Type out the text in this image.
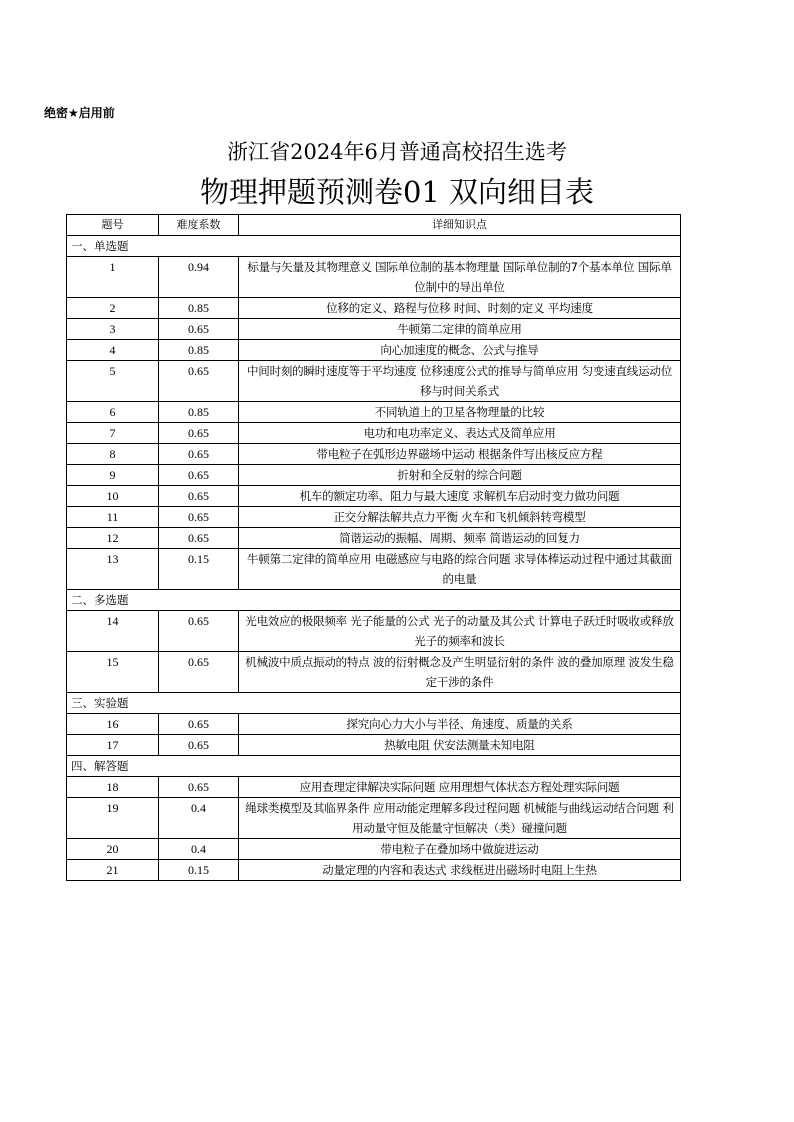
绝密★启用前
浙江省2024年6月普通高校招生选考
物理押题预测卷01 双向细目表
题号	难度系数	详细知识点
一、单选题		
1	0.94	标量与矢量及其物理意义 国际单位制的基本物理量 国际单位制的7个基本单位 国际单位制中的导出单位
2	0.85	位移的定义、路程与位移 时间、时刻的定义 平均速度
3	0.65	牛顿第二定律的简单应用
4	0.85	向心加速度的概念、公式与推导
5	0.65	中间时刻的瞬时速度等于平均速度 位移速度公式的推导与简单应用 匀变速直线运动位移与时间关系式
6	0.85	不同轨道上的卫星各物理量的比较
7	0.65	电功和电功率定义、表达式及简单应用
8	0.65	带电粒子在弧形边界磁场中运动 根据条件写出核反应方程
9	0.65	折射和全反射的综合问题
10	0.65	机车的额定功率、阻力与最大速度 求解机车启动时变力做功问题
11	0.65	正交分解法解共点力平衡 火车和飞机倾斜转弯模型
12	0.65	简谐运动的振幅、周期、频率 简谐运动的回复力
13	0.15	牛顿第二定律的简单应用 电磁感应与电路的综合问题 求导体棒运动过程中通过其截面的电量
二、多选题		
14	0.65	光电效应的极限频率 光子能量的公式 光子的动量及其公式 计算电子跃迁时吸收或释放光子的频率和波长
15	0.65	机械波中质点振动的特点 波的衍射概念及产生明显衍射的条件 波的叠加原理 波发生稳定干涉的条件
三、实验题		
16	0.65	探究向心力大小与半径、角速度、质量的关系
17	0.65	热敏电阻 伏安法测量未知电阻
四、解答题		
18	0.65	应用查理定律解决实际问题 应用理想气体状态方程处理实际问题
19	0.4	绳球类模型及其临界条件 应用动能定理解多段过程问题 机械能与曲线运动结合问题 利用动量守恒及能量守恒解决（类）碰撞问题
20	0.4	带电粒子在叠加场中做旋进运动
21	0.15	动量定理的内容和表达式 求线框进出磁场时电阻上生热
